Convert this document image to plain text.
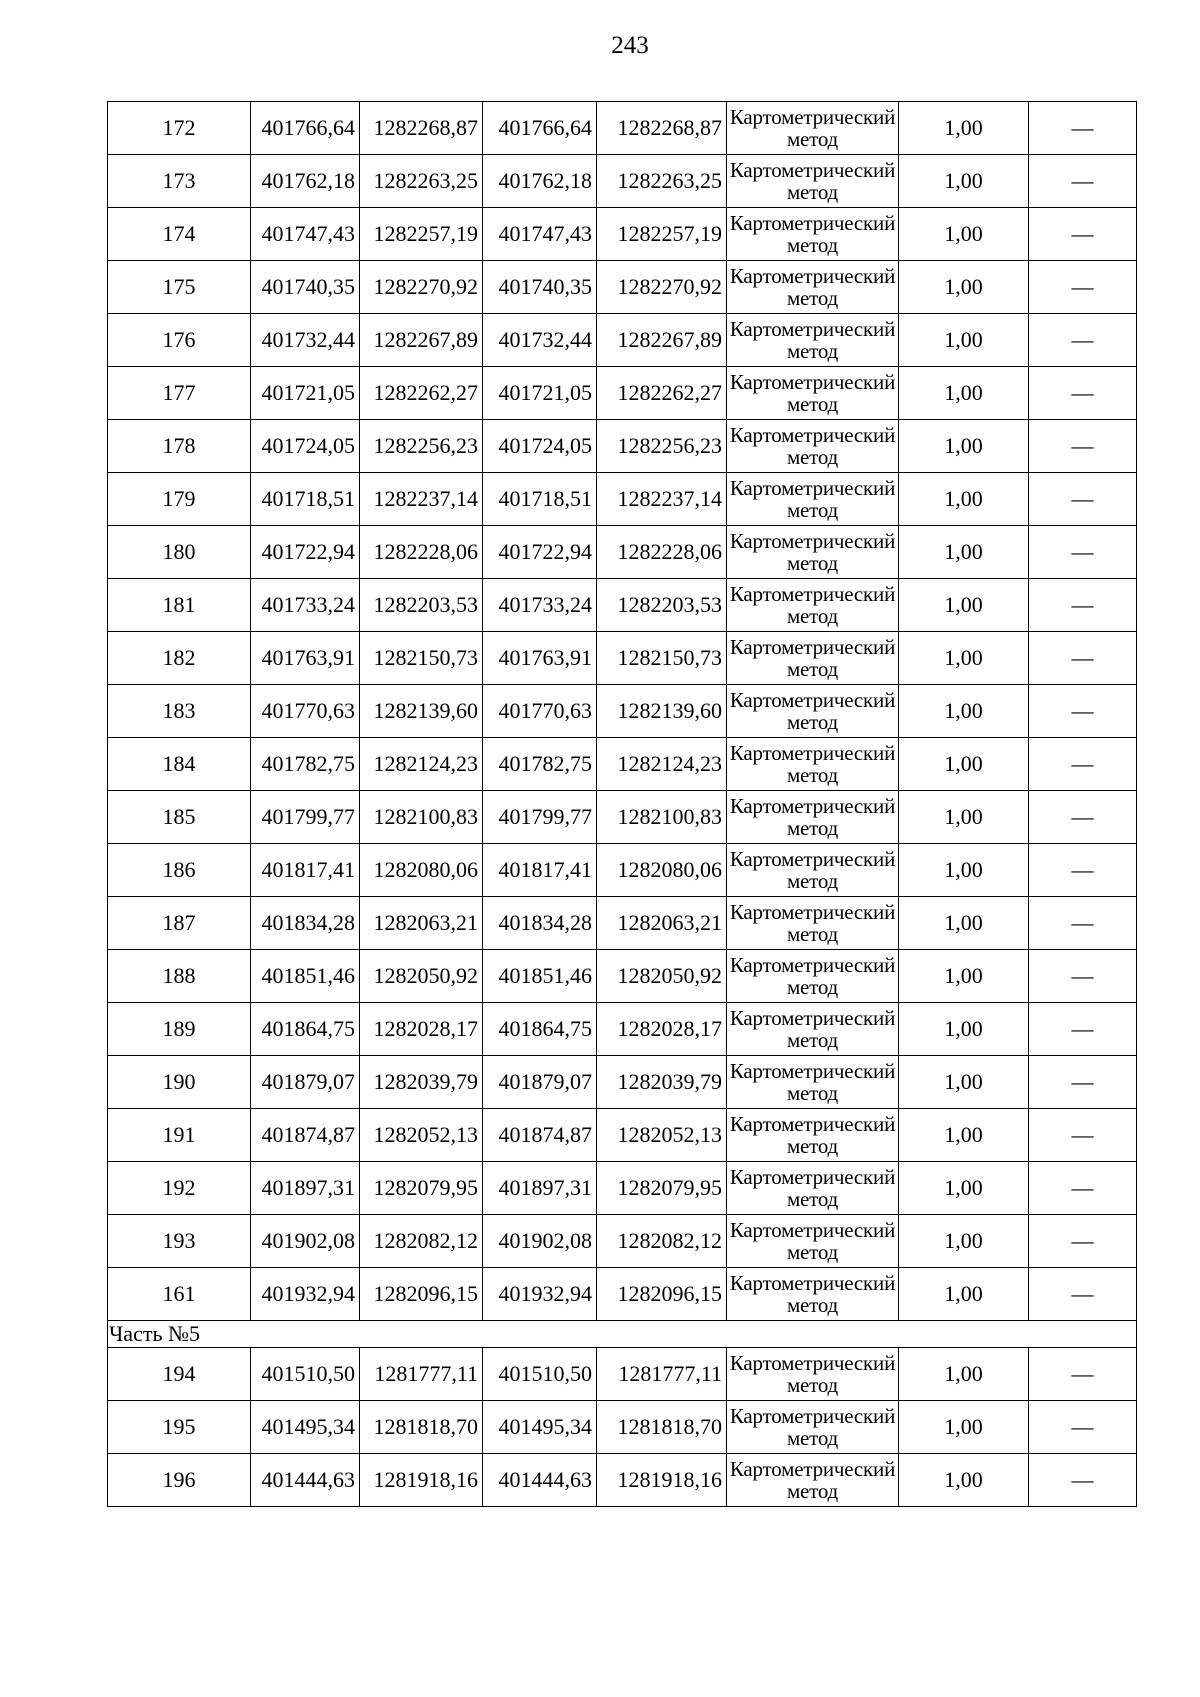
243
172	401766,64	1282268,87	401766,64	1282268,87	Картометрический метод	1,00	—
173	401762,18	1282263,25	401762,18	1282263,25	Картометрический метод	1,00	—
174	401747,43	1282257,19	401747,43	1282257,19	Картометрический метод	1,00	—
175	401740,35	1282270,92	401740,35	1282270,92	Картометрический метод	1,00	—
176	401732,44	1282267,89	401732,44	1282267,89	Картометрический метод	1,00	—
177	401721,05	1282262,27	401721,05	1282262,27	Картометрический метод	1,00	—
178	401724,05	1282256,23	401724,05	1282256,23	Картометрический метод	1,00	—
179	401718,51	1282237,14	401718,51	1282237,14	Картометрический метод	1,00	—
180	401722,94	1282228,06	401722,94	1282228,06	Картометрический метод	1,00	—
181	401733,24	1282203,53	401733,24	1282203,53	Картометрический метод	1,00	—
182	401763,91	1282150,73	401763,91	1282150,73	Картометрический метод	1,00	—
183	401770,63	1282139,60	401770,63	1282139,60	Картометрический метод	1,00	—
184	401782,75	1282124,23	401782,75	1282124,23	Картометрический метод	1,00	—
185	401799,77	1282100,83	401799,77	1282100,83	Картометрический метод	1,00	—
186	401817,41	1282080,06	401817,41	1282080,06	Картометрический метод	1,00	—
187	401834,28	1282063,21	401834,28	1282063,21	Картометрический метод	1,00	—
188	401851,46	1282050,92	401851,46	1282050,92	Картометрический метод	1,00	—
189	401864,75	1282028,17	401864,75	1282028,17	Картометрический метод	1,00	—
190	401879,07	1282039,79	401879,07	1282039,79	Картометрический метод	1,00	—
191	401874,87	1282052,13	401874,87	1282052,13	Картометрический метод	1,00	—
192	401897,31	1282079,95	401897,31	1282079,95	Картометрический метод	1,00	—
193	401902,08	1282082,12	401902,08	1282082,12	Картометрический метод	1,00	—
161	401932,94	1282096,15	401932,94	1282096,15	Картометрический метод	1,00	—
Часть №5							
194	401510,50	1281777,11	401510,50	1281777,11	Картометрический метод	1,00	—
195	401495,34	1281818,70	401495,34	1281818,70	Картометрический метод	1,00	—
196	401444,63	1281918,16	401444,63	1281918,16	Картометрический метод	1,00	—
